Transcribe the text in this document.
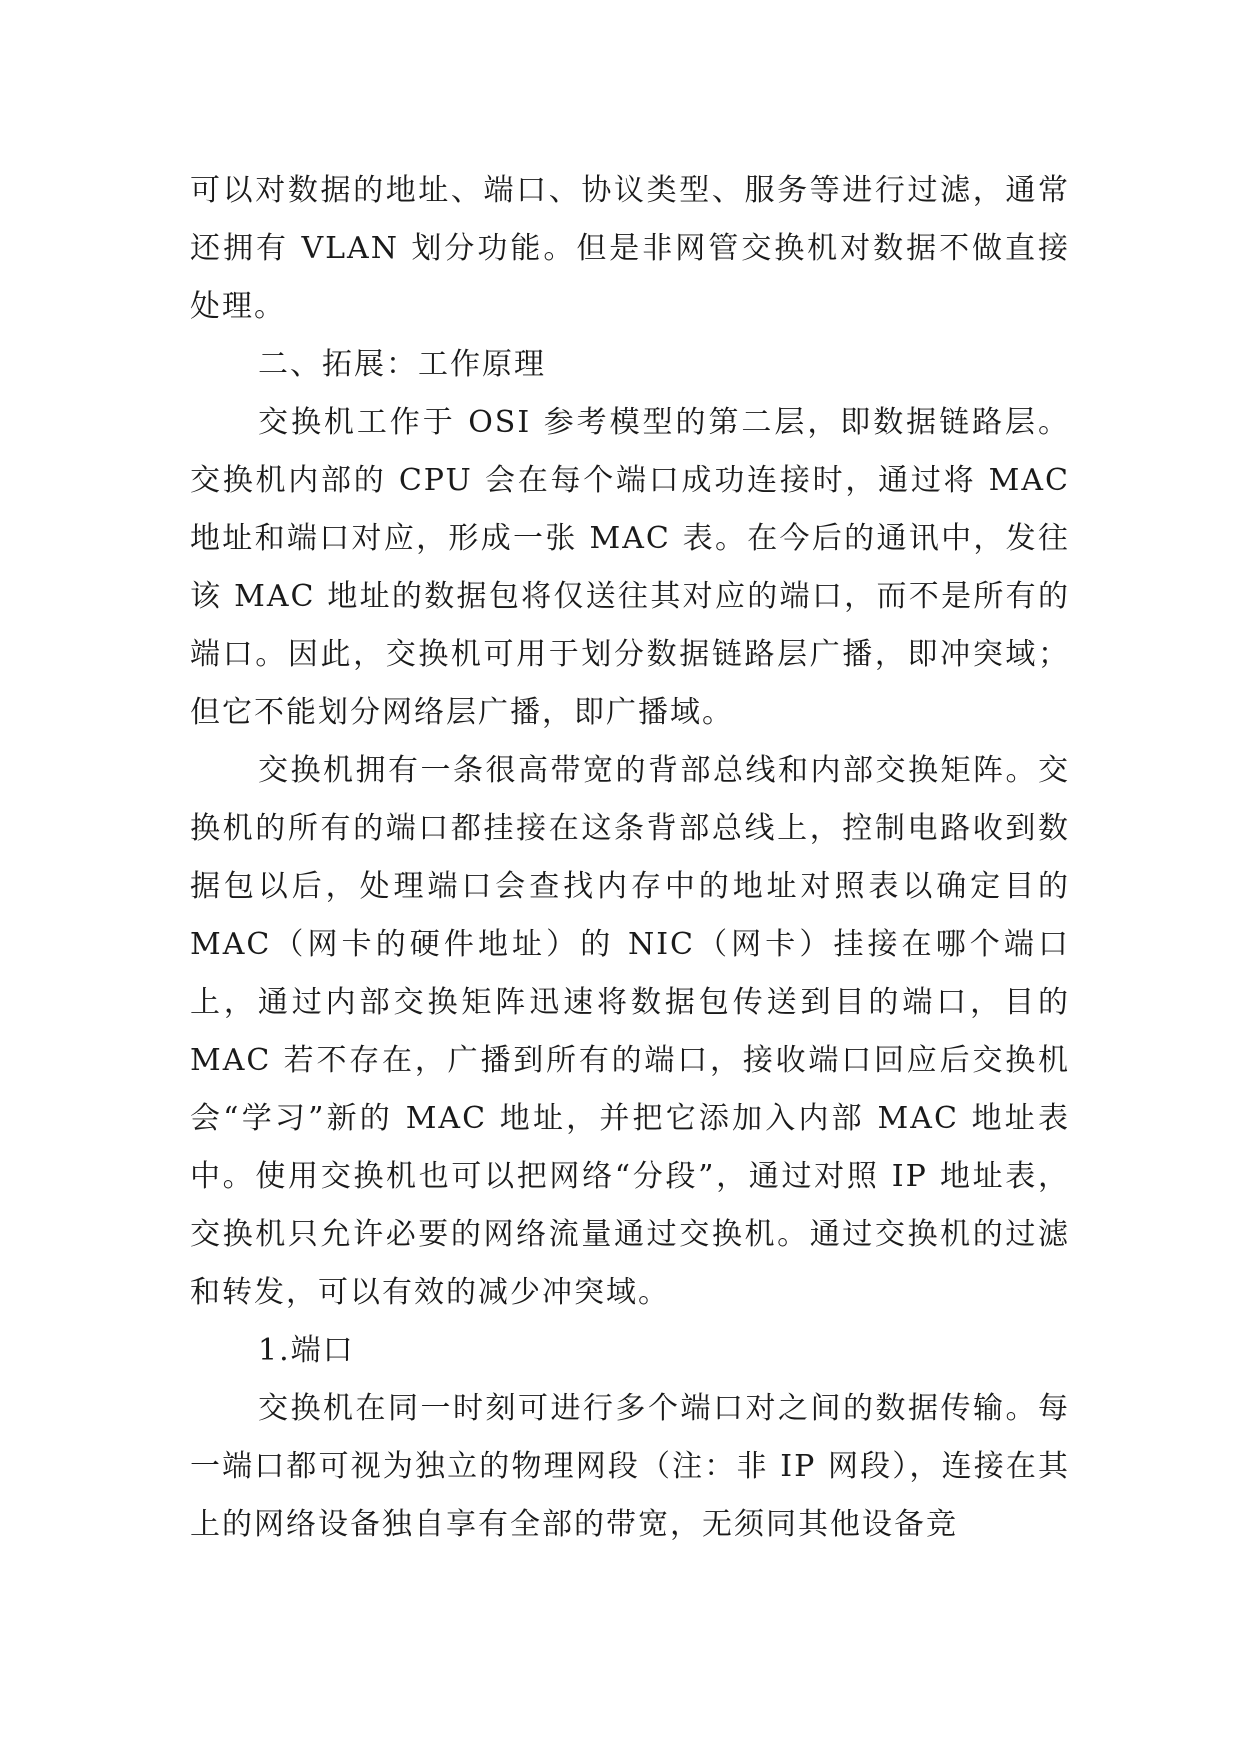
可以对数据的地址、端口、协议类型、服务等进行过滤，通常还拥有 VLAN 划分功能。但是非网管交换机对数据不做直接处理。

二、拓展：工作原理

交换机工作于 OSI 参考模型的第二层，即数据链路层。交换机内部的 CPU 会在每个端口成功连接时，通过将 MAC 地址和端口对应，形成一张 MAC 表。在今后的通讯中，发往该 MAC 地址的数据包将仅送往其对应的端口，而不是所有的端口。因此，交换机可用于划分数据链路层广播，即冲突域；但它不能划分网络层广播，即广播域。

交换机拥有一条很高带宽的背部总线和内部交换矩阵。交换机的所有的端口都挂接在这条背部总线上，控制电路收到数据包以后，处理端口会查找内存中的地址对照表以确定目的 MAC（网卡的硬件地址）的 NIC（网卡）挂接在哪个端口上，通过内部交换矩阵迅速将数据包传送到目的端口，目的 MAC 若不存在，广播到所有的端口，接收端口回应后交换机会“学习”新的 MAC 地址，并把它添加入内部 MAC 地址表中。使用交换机也可以把网络“分段”，通过对照 IP 地址表，交换机只允许必要的网络流量通过交换机。通过交换机的过滤和转发，可以有效的减少冲突域。

1.端口

交换机在同一时刻可进行多个端口对之间的数据传输。每一端口都可视为独立的物理网段（注：非 IP 网段），连接在其上的网络设备独自享有全部的带宽，无须同其他设备竞
